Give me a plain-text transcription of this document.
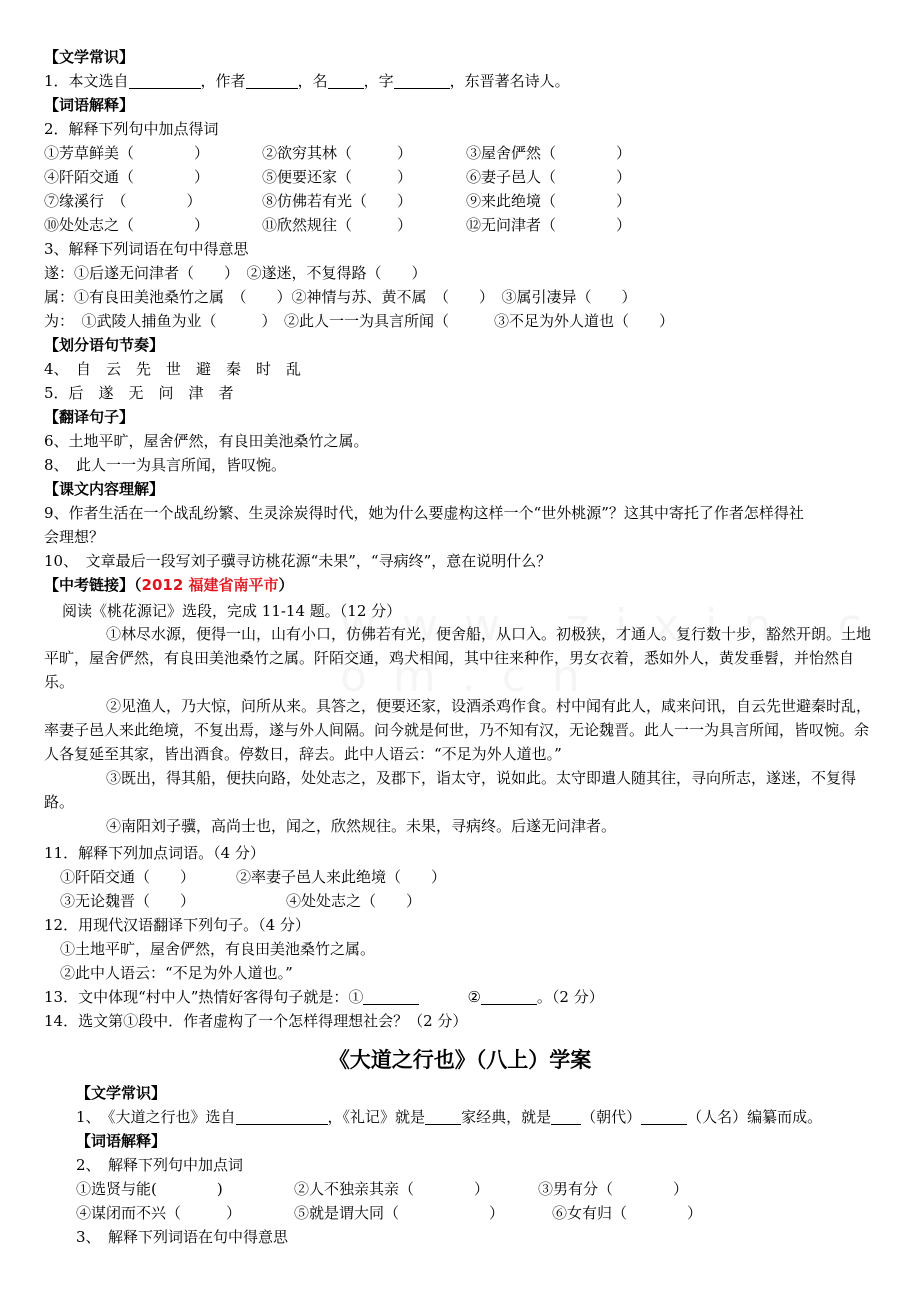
【文学常识】
1．本文选自	，作者	，名 ，字	，东晋著名诗人。
【词语解释】
2．解释下列句中加点得词
①芳草鲜美（　　　　）	②欲穷其林（　　　）	③屋舍俨然（　　　　）
④阡陌交通（　　　　）	⑤便要还家（　　　）	⑥妻子邑人（　　　　）
⑦缘溪行　（　　　　）	⑧仿佛若有光（　　）	⑨来此绝境（　　　　）
⑩处处志之（　　　　）	⑪欣然规往（　　　）	⑫无问津者（　　　　）
3、解释下列词语在句中得意思
遂：①后遂无问津者（　　）　②遂迷，不复得路（　　）
属：①有良田美池桑竹之属　（　　）②神情与苏、黄不属　（　　）　③属引凄异（　　）
为：　①武陵人捕鱼为业（　　　）　②此人一一为具言所闻（　　　③不足为外人道也（　　）
【划分语句节奏】
4、　自　云　先　世　避　秦　时　乱
5．后　遂　无　问　津　者
【翻译句子】
6、土地平旷，屋舍俨然，有良田美池桑竹之属。
8、　此人一一为具言所闻，皆叹惋。
【课文内容理解】
9、作者生活在一个战乱纷繁、生灵涂炭得时代，她为什么要虚构这样一个“世外桃源”？这其中寄托了作者怎样得社
会理想？
10、　文章最后一段写刘子骥寻访桃花源“未果”，“寻病终”，意在说明什么？
【中考链接】（2012 福建省南平市）
阅读《桃花源记》选段，完成 11-14 题。（12 分）
①林尽水源，便得一山，山有小口，仿佛若有光，便舍船，从口入。初极狭，才通人。复行数十步，豁然开朗。土地平旷，屋舍俨然，有良田美池桑竹之属。阡陌交通，鸡犬相闻，其中往来种作，男女衣着，悉如外人，黄发垂髫，并怡然自乐。
②见渔人，乃大惊，问所从来。具答之，便要还家，设酒杀鸡作食。村中闻有此人，咸来问讯，自云先世避秦时乱，率妻子邑人来此绝境，不复出焉，遂与外人间隔。问今就是何世，乃不知有汉，无论魏晋。此人一一为具言所闻，皆叹惋。余人各复延至其家，皆出酒食。停数日，辞去。此中人语云：“不足为外人道也。”
③既出，得其船，便扶向路，处处志之，及郡下，诣太守，说如此。太守即遣人随其往，寻向所志，遂迷，不复得路。
④南阳刘子骥，高尚士也，闻之，欣然规往。未果，寻病终。后遂无问津者。
11．解释下列加点词语。（4 分）
①阡陌交通（　　）	②率妻子邑人来此绝境（　　）
③无论魏晋（　　）	④处处志之（　　）
12．用现代汉语翻译下列句子。（4 分）
①土地平旷，屋舍俨然，有良田美池桑竹之属。
②此中人语云：“不足为外人道也。”
13．文中体现“村中人”热情好客得句子就是：①	②	。（2 分）
14．选文第①段中．作者虚构了一个怎样得理想社会？（2 分）
《大道之行也》（八上）学案
【文学常识】
1、　《大道之行也》选自	，《礼记》就是 家经典，就是 （朝代）	（人名）编纂而成。
【词语解释】
2、　解释下列句中加点词
①选贤与能(　　　　)	②人不独亲其亲（　　　　）	③男有分（　　　　）
④谋闭而不兴（　　　）	⑤就是谓大同（　　　　　　）	⑥女有归（　　　　）
3、　解释下列词语在句中得意思
